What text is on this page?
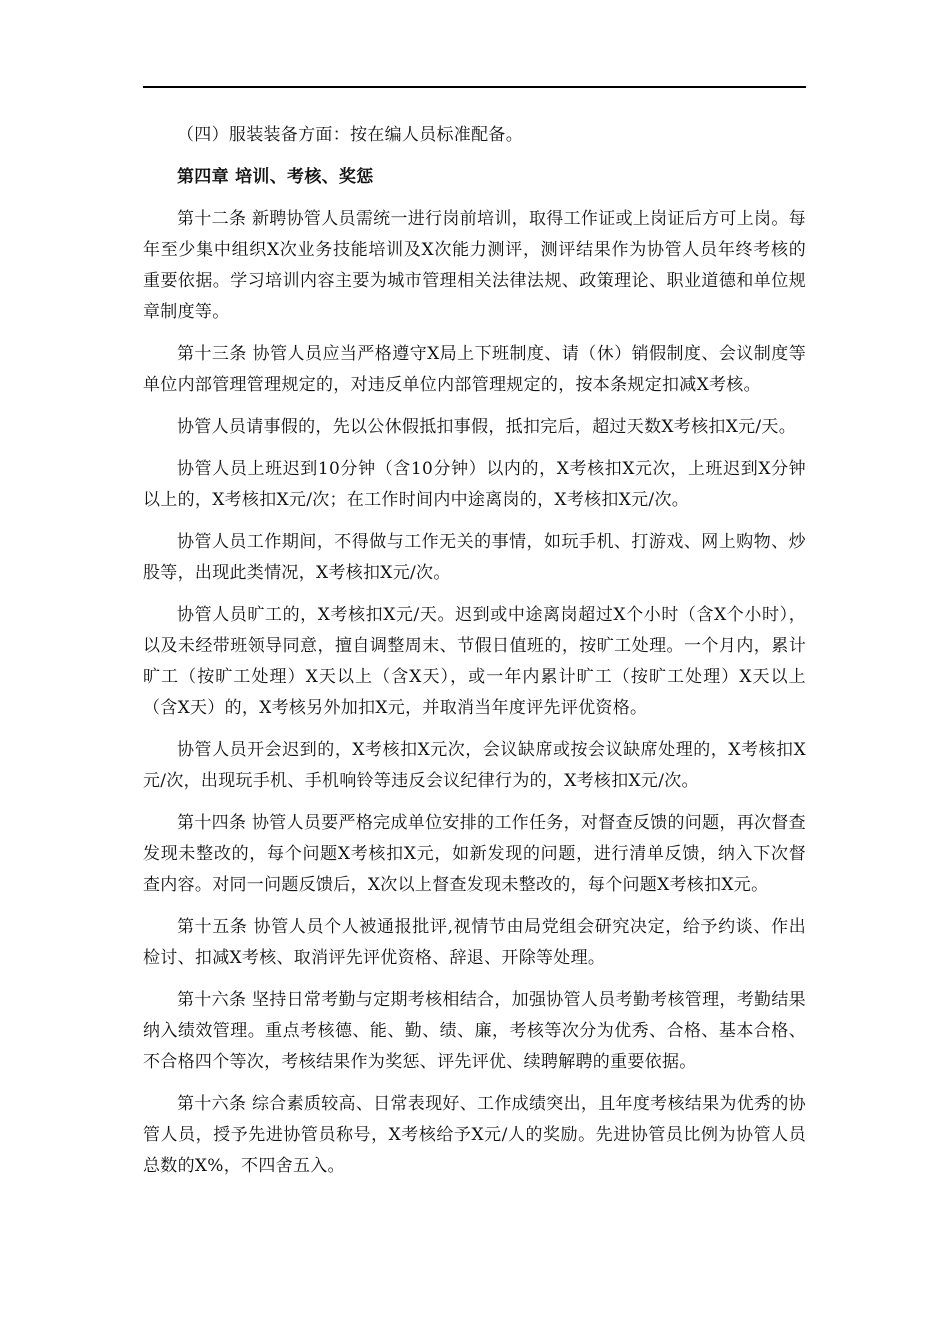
（四）服装装备方面：按在编人员标准配备。

第四章 培训、考核、奖惩

第十二条 新聘协管人员需统一进行岗前培训，取得工作证或上岗证后方可上岗。每年至少集中组织X次业务技能培训及X次能力测评，测评结果作为协管人员年终考核的重要依据。学习培训内容主要为城市管理相关法律法规、政策理论、职业道德和单位规章制度等。

第十三条 协管人员应当严格遵守X局上下班制度、请（休）销假制度、会议制度等单位内部管理管理规定的，对违反单位内部管理规定的，按本条规定扣减X考核。

协管人员请事假的，先以公休假抵扣事假，抵扣完后，超过天数X考核扣X元/天。

协管人员上班迟到10分钟（含10分钟）以内的，X考核扣X元次，上班迟到X分钟以上的，X考核扣X元/次；在工作时间内中途离岗的，X考核扣X元/次。

协管人员工作期间，不得做与工作无关的事情，如玩手机、打游戏、网上购物、炒股等，出现此类情况，X考核扣X元/次。

协管人员旷工的，X考核扣X元/天。迟到或中途离岗超过X个小时（含X个小时），以及未经带班领导同意，擅自调整周末、节假日值班的，按旷工处理。一个月内，累计旷工（按旷工处理）X天以上（含X天），或一年内累计旷工（按旷工处理）X天以上（含X天）的，X考核另外加扣X元，并取消当年度评先评优资格。

协管人员开会迟到的，X考核扣X元次，会议缺席或按会议缺席处理的，X考核扣X元/次，出现玩手机、手机响铃等违反会议纪律行为的，X考核扣X元/次。

第十四条 协管人员要严格完成单位安排的工作任务，对督查反馈的问题，再次督查发现未整改的，每个问题X考核扣X元，如新发现的问题，进行清单反馈，纳入下次督查内容。对同一问题反馈后，X次以上督查发现未整改的，每个问题X考核扣X元。

第十五条 协管人员个人被通报批评,视情节由局党组会研究决定，给予约谈、作出检讨、扣减X考核、取消评先评优资格、辞退、开除等处理。

第十六条 坚持日常考勤与定期考核相结合，加强协管人员考勤考核管理，考勤结果纳入绩效管理。重点考核德、能、勤、绩、廉，考核等次分为优秀、合格、基本合格、不合格四个等次，考核结果作为奖惩、评先评优、续聘解聘的重要依据。

第十六条 综合素质较高、日常表现好、工作成绩突出，且年度考核结果为优秀的协管人员，授予先进协管员称号，X考核给予X元/人的奖励。先进协管员比例为协管人员总数的X%，不四舍五入。
